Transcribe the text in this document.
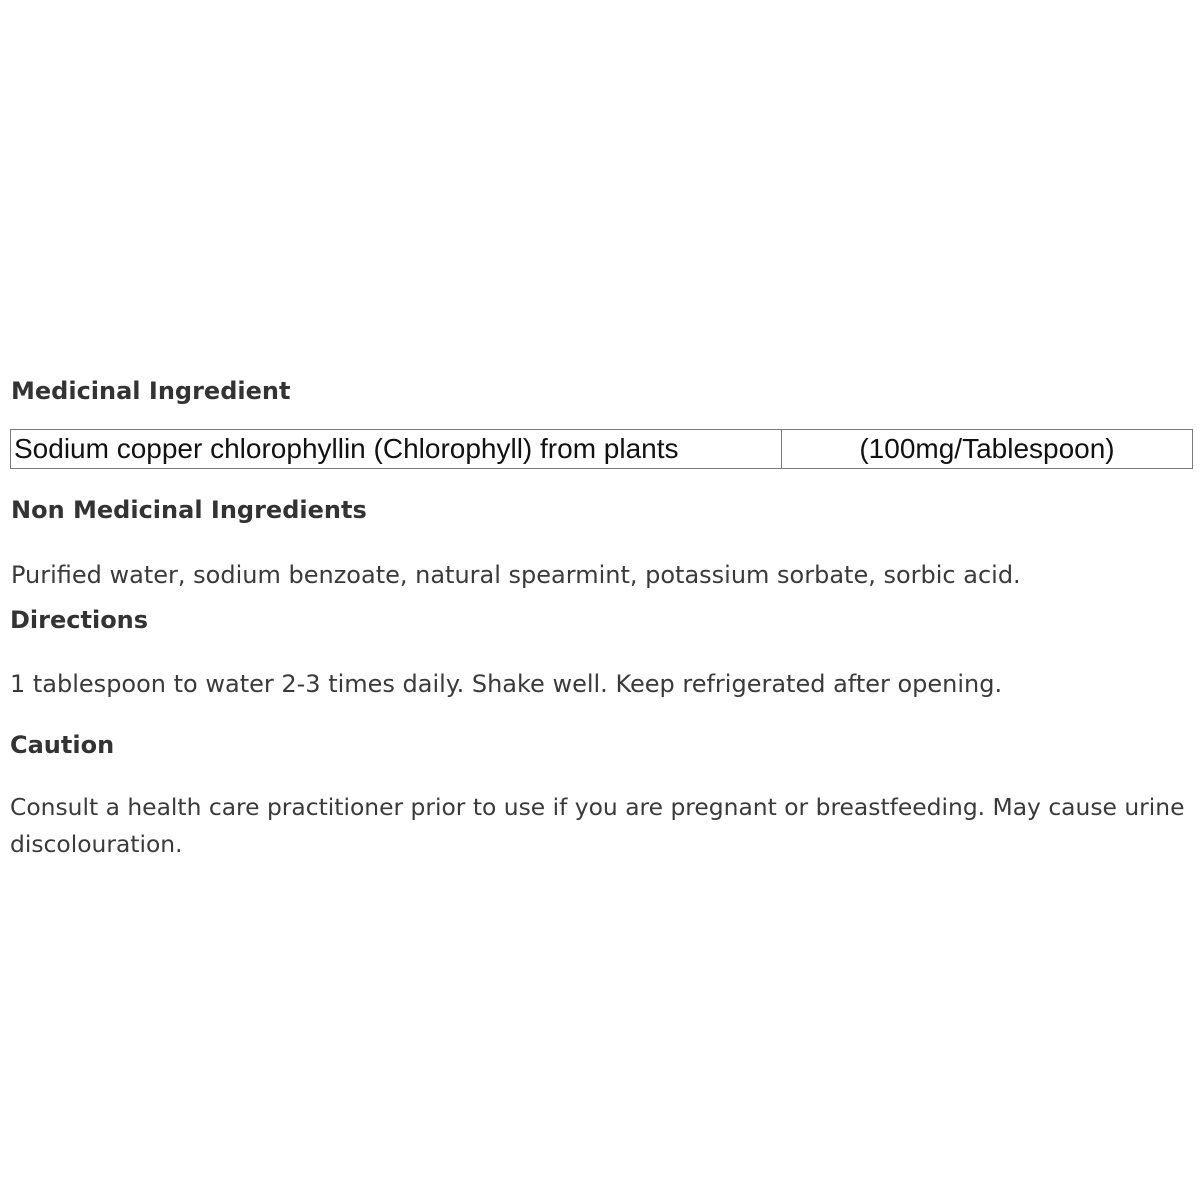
Medicinal Ingredient
Sodium copper chlorophyllin (Chlorophyll) from plants	(100mg/Tablespoon)
Non Medicinal Ingredients

Purified water, sodium benzoate, natural spearmint, potassium sorbate, sorbic acid.

Directions

1 tablespoon to water 2-3 times daily. Shake well. Keep refrigerated after opening.

Caution

Consult a health care practitioner prior to use if you are pregnant or breastfeeding. May cause urine discolouration.
